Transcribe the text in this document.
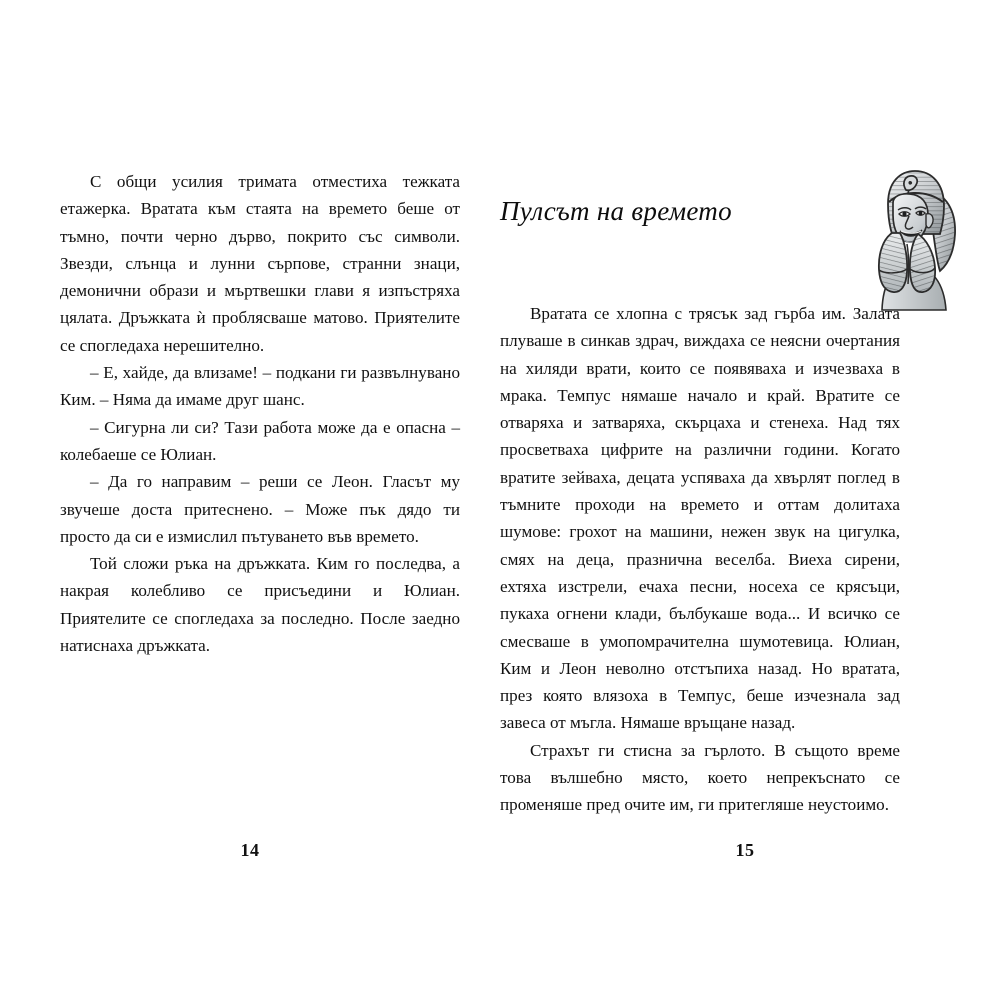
С общи усилия тримата отместиха тежката етажерка. Вратата към стаята на времето беше от тъмно, почти черно дърво, покрито със символи. Звезди, слънца и лунни сърпове, странни знаци, демонични образи и мъртвешки глави я изпъстряха цялата. Дръжката ѝ проблясваше матово. Приятелите се спогледаха нерешително.

– Е, хайде, да влизаме! – подкани ги развълнувано Ким. – Няма да имаме друг шанс.

– Сигурна ли си? Тази работа може да е опасна – колебаеше се Юлиан.

– Да го направим – реши се Леон. Гласът му звучеше доста притеснено. – Може пък дядо ти просто да си е измислил пътуването във времето.

Той сложи ръка на дръжката. Ким го последва, а накрая колебливо се присъедини и Юлиан. Приятелите се спогледаха за последно. После заедно натиснаха дръжката.

14
Пулсът на времето

Вратата се хлопна с трясък зад гърба им. Залата плуваше в синкав здрач, виждаха се неясни очертания на хиляди врати, които се появяваха и изчезваха в мрака. Темпус нямаше начало и край. Вратите се отваряха и затваряха, скърцаха и стенеха. Над тях просветваха цифрите на различни години. Когато вратите зейваха, децата успяваха да хвърлят поглед в тъмните проходи на времето и оттам долитаха шумове: грохот на машини, нежен звук на цигулка, смях на деца, празнична веселба. Виеха сирени, ехтяха изстрели, ечаха песни, носеха се крясъци, пукаха огнени клади, бълбукаше вода... И всичко се смесваше в умопомрачителна шумотевица. Юлиан, Ким и Леон неволно отстъпиха назад. Но вратата, през която влязоха в Темпус, беше изчезнала зад завеса от мъгла. Нямаше връщане назад.

Страхът ги стисна за гърлото. В същото време това вълшебно място, което непрекъснато се променяше пред очите им, ги притегляше неустоимо.

15
